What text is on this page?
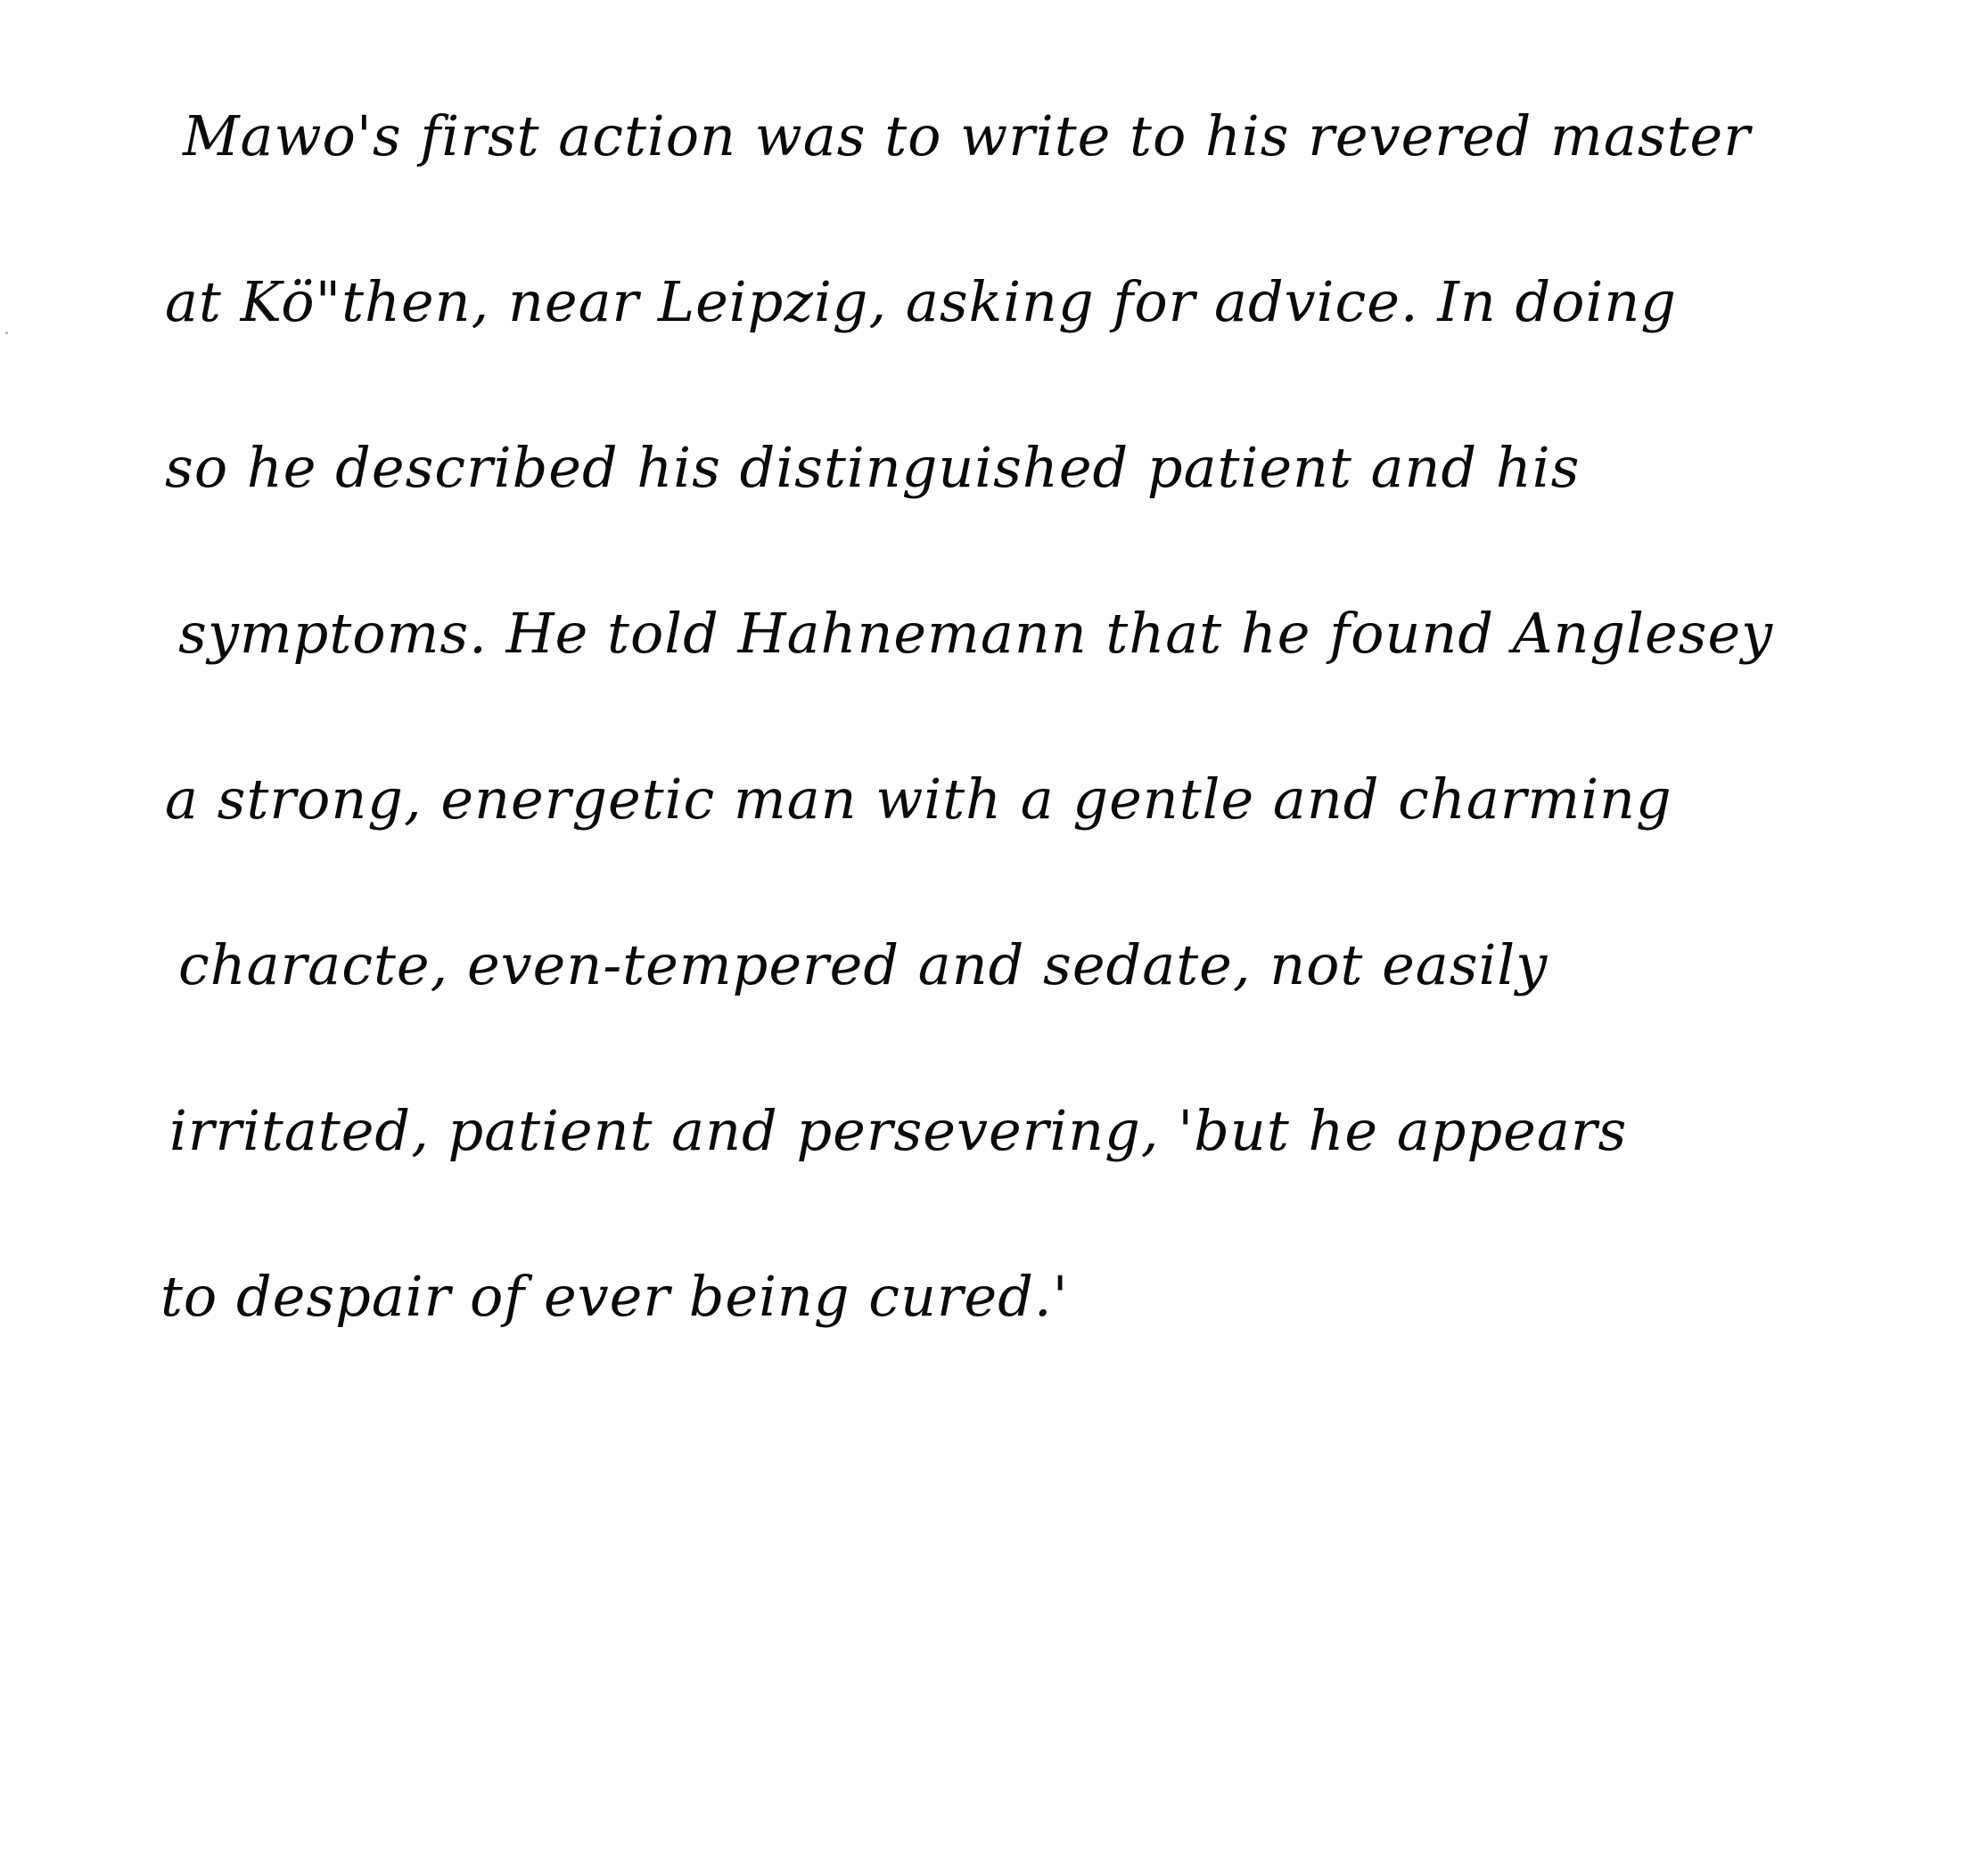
Mawo's first action was to write to his revered master
at Kö"then, near Leipzig, asking for advice. In doing
so he described his distinguished patient and his
symptoms. He told Hahnemann that he found Anglesey
a strong, energetic man with a gentle and charming
characte, even-tempered and sedate, not easily
irritated, patient and persevering, 'but he appears
to despair of ever being cured.'
